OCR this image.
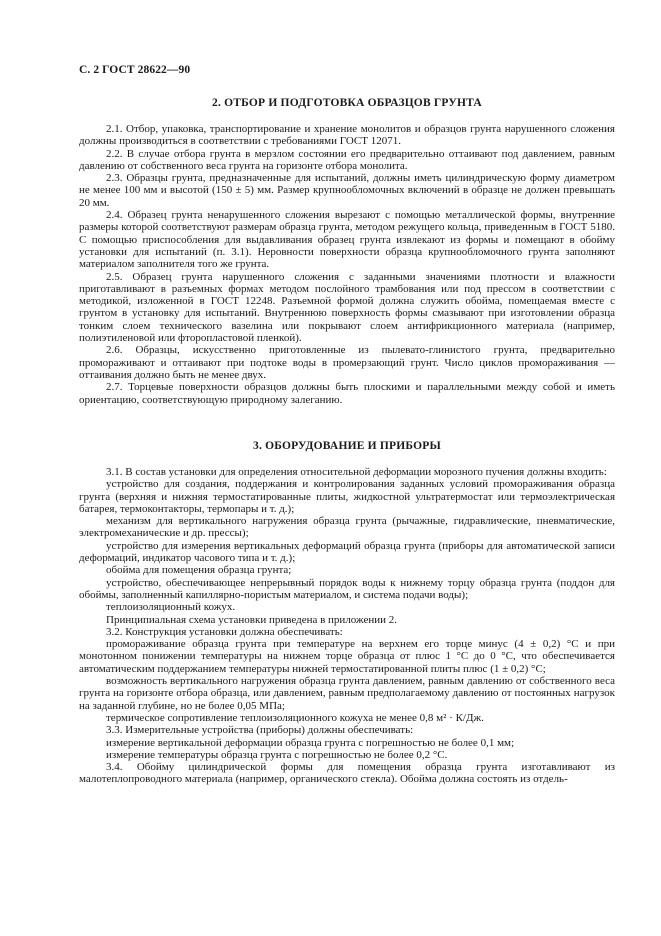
С. 2 ГОСТ 28622—90
2. ОТБОР И ПОДГОТОВКА ОБРАЗЦОВ ГРУНТА

2.1. Отбор, упаковка, транспортирование и хранение монолитов и образцов грунта нарушенного сложения должны производиться в соответствии с требованиями ГОСТ 12071.

2.2. В случае отбора грунта в мерзлом состоянии его предварительно оттаивают под давлением, равным давлению от собственного веса грунта на горизонте отбора монолита.

2.3. Образцы грунта, предназначенные для испытаний, должны иметь цилиндрическую форму диаметром не менее 100 мм и высотой (150 ± 5) мм. Размер крупнообломочных включений в образце не должен превышать 20 мм.

2.4. Образец грунта ненарушенного сложения вырезают с помощью металлической формы, внутренние размеры которой соответствуют размерам образца грунта, методом режущего кольца, приведенным в ГОСТ 5180. С помощью приспособления для выдавливания образец грунта извлекают из формы и помещают в обойму установки для испытаний (п. 3.1). Неровности поверхности образца крупнообломочного грунта заполняют материалом заполнителя того же грунта.

2.5. Образец грунта нарушенного сложения с заданными значениями плотности и влажности приготавливают в разъемных формах методом послойного трамбования или под прессом в соответствии с методикой, изложенной в ГОСТ 12248. Разъемной формой должна служить обойма, помещаемая вместе с грунтом в установку для испытаний. Внутреннюю поверхность формы смазывают при изготовлении образца тонким слоем технического вазелина или покрывают слоем антифрикционного материала (например, полиэтиленовой или фторопластовой пленкой).

2.6. Образцы, искусственно приготовленные из пылевато-глинистого грунта, предварительно промораживают и оттаивают при подтоке воды в промерзающий грунт. Число циклов промораживания — оттаивания должно быть не менее двух.

2.7. Торцевые поверхности образцов должны быть плоскими и параллельными между собой и иметь ориентацию, соответствующую природному залеганию.

3. ОБОРУДОВАНИЕ И ПРИБОРЫ

3.1. В состав установки для определения относительной деформации морозного пучения должны входить:

устройство для создания, поддержания и контролирования заданных условий промораживания образца грунта (верхняя и нижняя термостатированные плиты, жидкостной ультратермостат или термоэлектрическая батарея, термоконтакторы, термопары и т. д.);

механизм для вертикального нагружения образца грунта (рычажные, гидравлические, пневматические, электромеханические и др. прессы);

устройство для измерения вертикальных деформаций образца грунта (приборы для автоматической записи деформаций, индикатор часового типа и т. д.);

обойма для помещения образца грунта;

устройство, обеспечивающее непрерывный порядок воды к нижнему торцу образца грунта (поддон для обоймы, заполненный капиллярно-пористым материалом, и система подачи воды);

теплоизоляционный кожух.

Принципиальная схема установки приведена в приложении 2.

3.2. Конструкция установки должна обеспечивать:

промораживание образца грунта при температуре на верхнем его торце минус (4 ± 0,2) °С и при монотонном понижении температуры на нижнем торце образца от плюс 1 °С до 0 °С, что обеспечивается автоматическим поддержанием температуры нижней термостатированной плиты плюс (1 ± 0,2) °С;

возможность вертикального нагружения образца грунта давлением, равным давлению от собственного веса грунта на горизонте отбора образца, или давлением, равным предполагаемому давлению от постоянных нагрузок на заданной глубине, но не более 0,05 МПа;

термическое сопротивление теплоизоляционного кожуха не менее 0,8 м² · К/Дж.

3.3. Измерительные устройства (приборы) должны обеспечивать:

измерение вертикальной деформации образца грунта с погрешностью не более 0,1 мм;

измерение температуры образца грунта с погрешностью не более 0,2 °С.

3.4. Обойму цилиндрической формы для помещения образца грунта изготавливают из малотеплопроводного материала (например, органического стекла). Обойма должна состоять из отдель-
